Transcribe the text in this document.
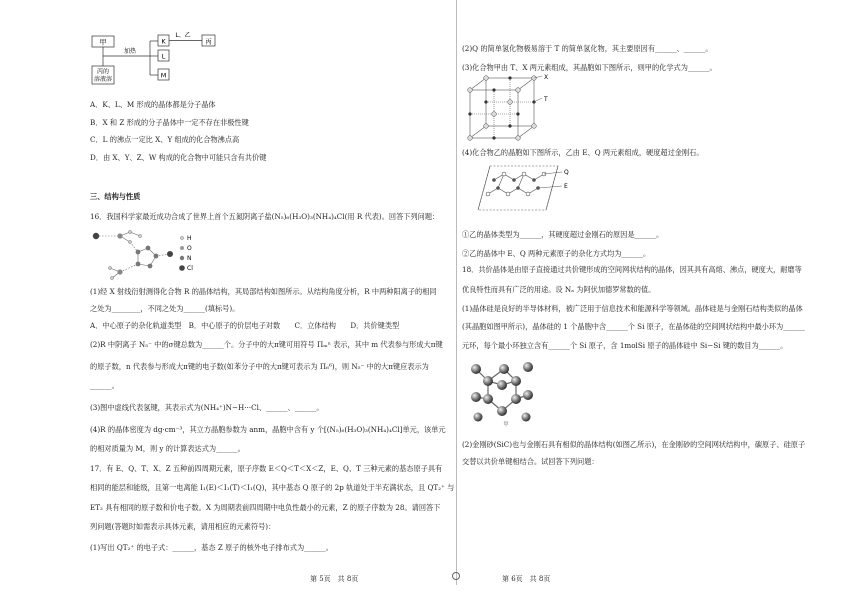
甲
丙的
溶液溶
加热
K
L
M
L、乙
丙
A．K、L、M 形成的晶体都是分子晶体
B．X 和 Z 形成的分子晶体中一定不存在非极性键
C．L 的沸点一定比 X、Y 组成的化合物沸点高
D．由 X、Y、Z、W 构成的化合物中可能只含有共价键
三、结构与性质
16．我国科学家最近成功合成了世界上首个五氮阴离子盐(N₅)₆(H₃O)₃(NH₄)₄Cl(用 R 代表)。回答下列问题：
H
O
N
Cl
(1)经 X 射线衍射测得化合物 R 的晶体结构，其局部结构如图所示。从结构角度分析，R 中两种阳离子的相同
之处为________，不同之处为______(填标号)。
A．中心原子的杂化轨道类型　B．中心原子的价层电子对数　　C．立体结构　　D．共价键类型
(2)R 中阴离子 N₅⁻ 中的σ键总数为______个。分子中的大π键可用符号 Πₘⁿ 表示，其中 m 代表参与形成大π键
的原子数，n 代表参与形成大π键的电子数(如苯分子中的大π键可表示为 Π₆⁶)，则 N₅⁻ 中的大π键应表示为
______。
(3)图中虚线代表氢键，其表示式为(NH₄⁺)N−H···Cl、______、______。
(4)R 的晶体密度为 dg·cm⁻³，其立方晶胞参数为 anm，晶胞中含有 y 个[(N₅)₆(H₃O)₃(NH₄)₄Cl]单元，该单元
的相对质量为 M，则 y 的计算表达式为______。
17．有 E、Q、T、X、Z 五种前四周期元素，原子序数 E＜Q＜T＜X＜Z，E、Q、T 三种元素的基态原子具有
相同的能层和能级，且第一电离能 I₁(E)＜I₁(T)＜I₁(Q)，其中基态 Q 原子的 2p 轨道处于半充满状态，且 QT₂⁺ 与
ET₂ 具有相同的原子数和价电子数。X 为周期表前四周期中电负性最小的元素，Z 的原子序数为 28。请回答下
列问题(答题时如需表示具体元素，请用相应的元素符号)：
(1)写出 QT₂⁺ 的电子式：______，基态 Z 原子的核外电子排布式为______。
第 5页　共 8页
(2)Q 的简单氢化物极易溶于 T 的简单氢化物，其主要原因有______、______。
(3)化合物甲由 T、X 两元素组成，其晶胞如下图所示，则甲的化学式为______。
X
T
(4)化合物乙的晶胞如下图所示，乙由 E、Q 两元素组成，硬度超过金刚石。
Q
E
①乙的晶体类型为______，其硬度超过金刚石的原因是______。
②乙的晶体中 E、Q 两种元素原子的杂化方式均为______。
18．共价晶体是由原子直接通过共价键形成的空间网状结构的晶体，因其具有高熔、沸点，硬度大，耐磨等
优良特性而具有广泛的用途。设 Nₐ 为阿伏加德罗常数的值。
(1)晶体硅是良好的半导体材料，被广泛用于信息技术和能源科学等领域。晶体硅是与金刚石结构类似的晶体
(其晶胞如图甲所示)，晶体硅的 1 个晶胞中含______个 Si 原子，在晶体硅的空间网状结构中最小环为______
元环，每个最小环独立含有______个 Si 原子，含 1molSi 原子的晶体硅中 Si−Si 键的数目为______。
甲
(2)金刚砂(SiC)也与金刚石具有相似的晶体结构(如图乙所示)，在金刚砂的空间网状结构中，碳原子、硅原子
交替以共价单键相结合。试回答下列问题：
第 6页　共 8页
